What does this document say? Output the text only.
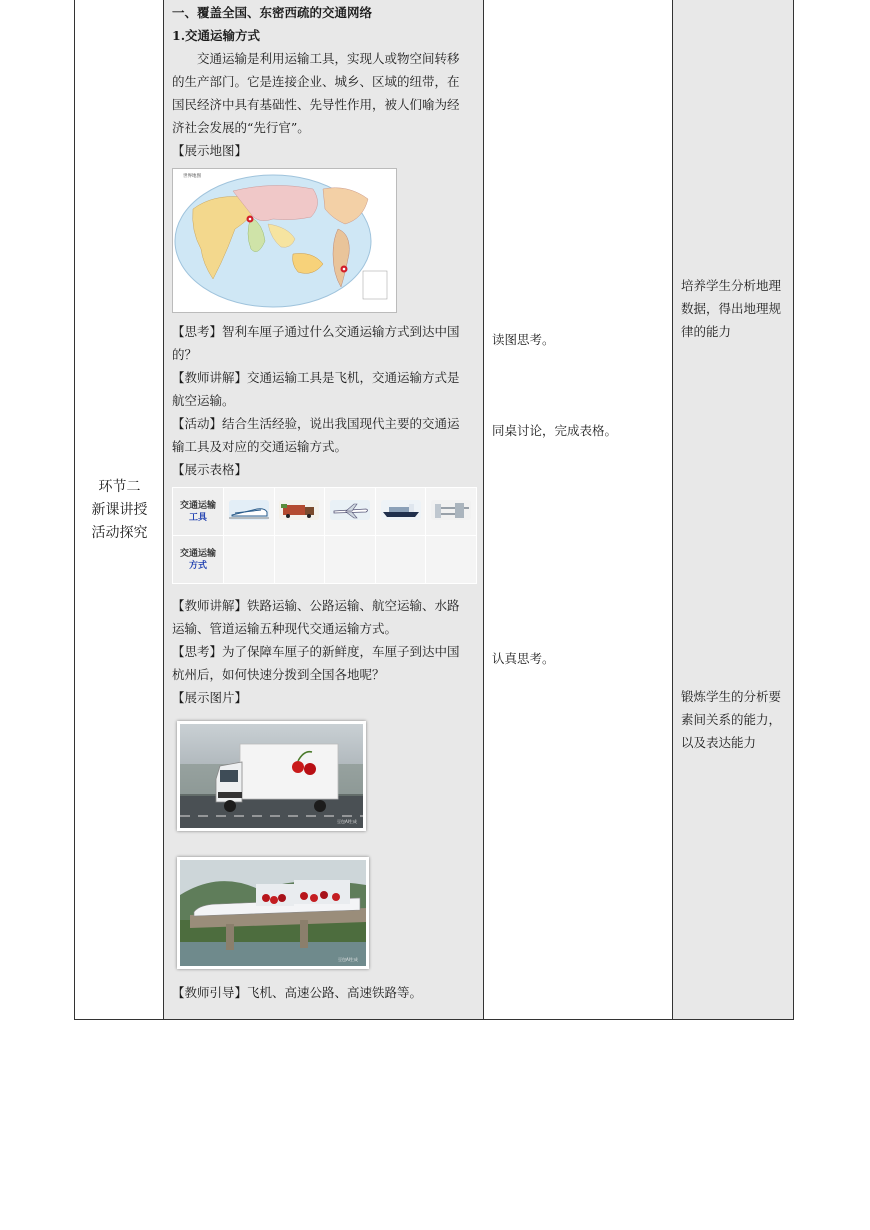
环节二
新课讲授
活动探究

一、覆盖全国、东密西疏的交通网络

1.交通运输方式

交通运输是利用运输工具，实现人或物空间转移

的生产部门。它是连接企业、城乡、区域的纽带，在

国民经济中具有基础性、先导性作用，被人们喻为经

济社会发展的“先行官”。

【展示地图】

世界地图

【思考】智利车厘子通过什么交通运输方式到达中国

的？

【教师讲解】交通运输工具是飞机，交通运输方式是

航空运输。

【活动】结合生活经验，说出我国现代主要的交通运

输工具及对应的交通运输方式。

【展示表格】

交通运输
工具					
交通运输
方式					

【教师讲解】铁路运输、公路运输、航空运输、水路

运输、管道运输五种现代交通运输方式。

【思考】为了保障车厘子的新鲜度，车厘子到达中国

杭州后，如何快速分拨到全国各地呢？

【展示图片】

豆包AI生成
豆包AI生成

【教师引导】飞机、高速公路、高速铁路等。

读图思考。
同桌讨论，完成表格。
认真思考。
培养学生分析地理
数据，得出地理规
律的能力
锻炼学生的分析要
素间关系的能力，
以及表达能力
